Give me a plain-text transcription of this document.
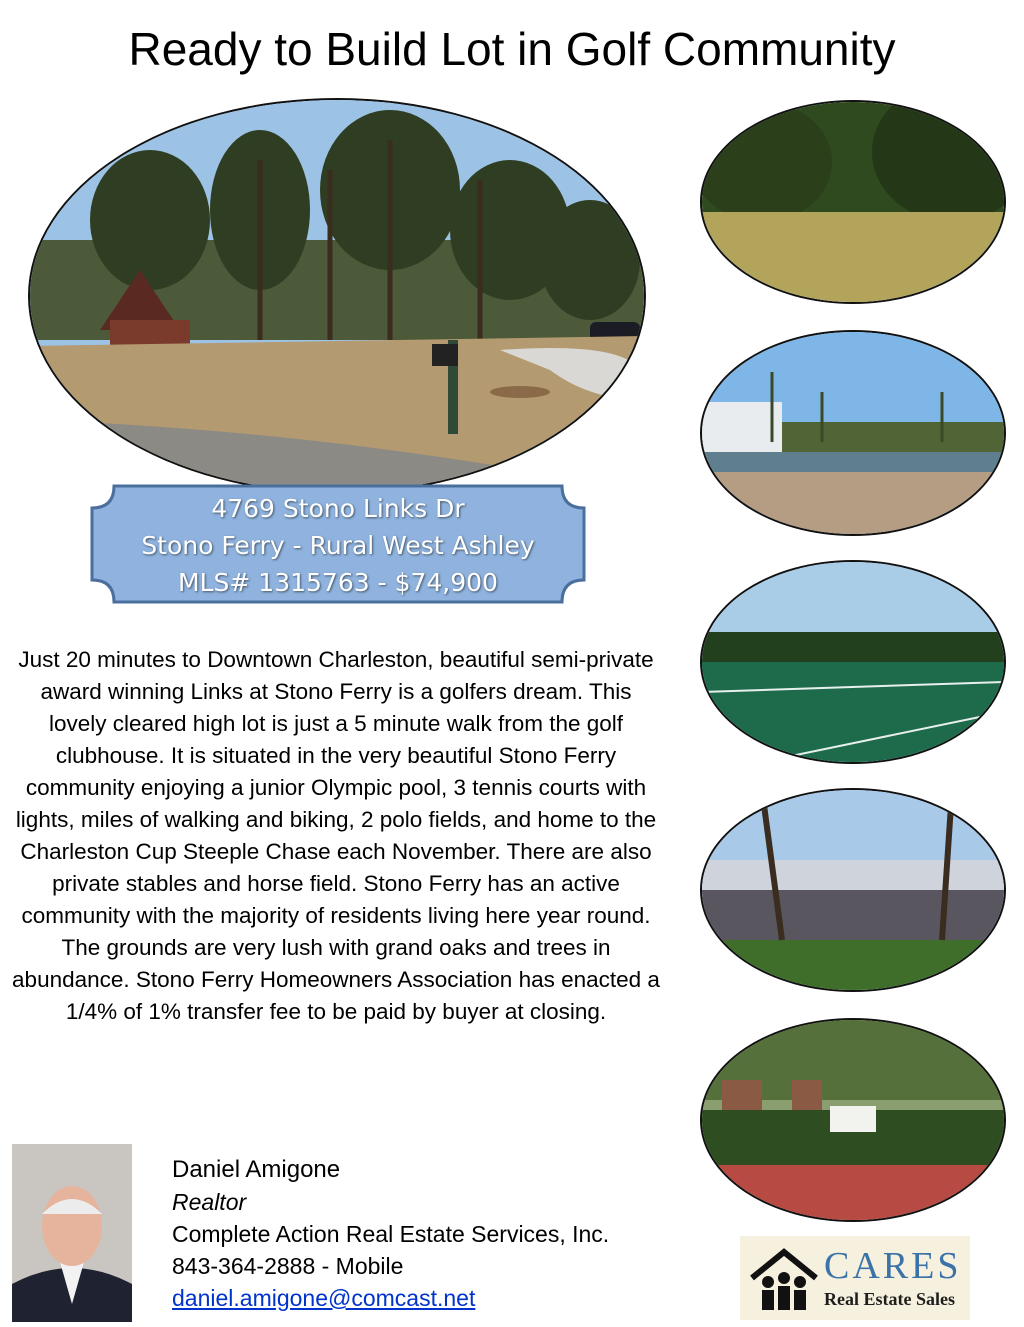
Ready to Build Lot in Golf Community
4769 Stono Links Dr
Stono Ferry - Rural West Ashley
MLS# 1315763 - $74,900
Just 20 minutes to Downtown Charleston, beautiful semi-private award winning Links at Stono Ferry is a golfers dream. This lovely cleared high lot is just a 5 minute walk from the golf clubhouse. It is situated in the very beautiful Stono Ferry community enjoying a junior Olympic pool, 3 tennis courts with lights, miles of walking and biking, 2 polo fields, and home to the Charleston Cup Steeple Chase each November. There are also private stables and horse field. Stono Ferry has an active community with the majority of residents living here year round. The grounds are very lush with grand oaks and trees in abundance. Stono Ferry Homeowners Association has enacted a 1/4% of 1% transfer fee to be paid by buyer at closing.
Daniel Amigone
Realtor
Complete Action Real Estate Services, Inc.
843-364-2888 - Mobile
daniel.amigone@comcast.net
CARES
Real Estate Sales
